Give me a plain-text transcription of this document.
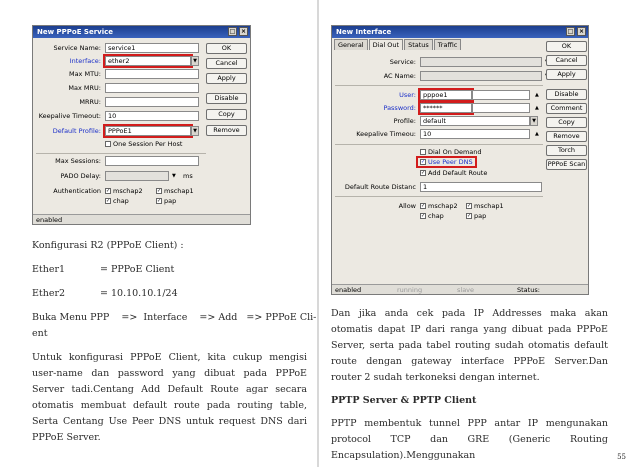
New PPPoE Service	□ ×
Service Name:	service1
Interface:	ether2	▼
Max MTU:
Max MRU:
MRRU:
Keepalive Timeout:	10
Default Profile:	PPPoE1	▼
One Session Per Host
Max Sessions:
PADO Delay:	▼ ms
Authentication ✓ mschap2	✓ mschap1
✓ chap	✓ pap
OK
Cancel
Apply
Disable
Copy
Remove
enabled
New Interface	□ ×
General	Dial Out	Status	Traffic
Service:
AC Name:
User:	pppoe1	▲
Password:	******	▲
Profile:	default	▼
Keepalive Timeou:	10	▲
Dial On Demand
✓ Use Peer DNS
✓ Add Default Route
Default Route Distanc	1
Allow ✓ mschap2 ✓ mschap1
✓ chap	✓ pap
OK
Cancel
Apply
Disable
Comment
Copy
Remove
Torch
PPPoE Scan
enabled	running	slave	Status:

Konfigurasi R2 (PPPoE Client) :

Ether1	= PPPoE Client

Ether2	= 10.10.10.1/24

Buka Menu PPP    =>  Interface    => Add   => PPPoE Cli-

ent

Untuk konfigurasi PPPoE Client, kita cukup mengisi user-name dan password yang dibuat pada PPPoE Server tadi.Centang Add Default Route agar secara otomatis membuat default route pada routing table, Serta Centang Use Peer DNS untuk request DNS dari PPPoE Server.

Dan jika anda cek pada IP Addresses maka akan otomatis dapat IP dari ranga yang dibuat pada PPPoE Server, serta pada tabel routing sudah otomatis default route dengan gateway interface PPPoE Server.Dan router 2 sudah terkoneksi dengan internet.

PPTP Server & PPTP Client

PPTP membentuk tunnel PPP antar IP mengunakan protocol TCP dan GRE (Generic Routing Encapsulation).Menggunakan	55
